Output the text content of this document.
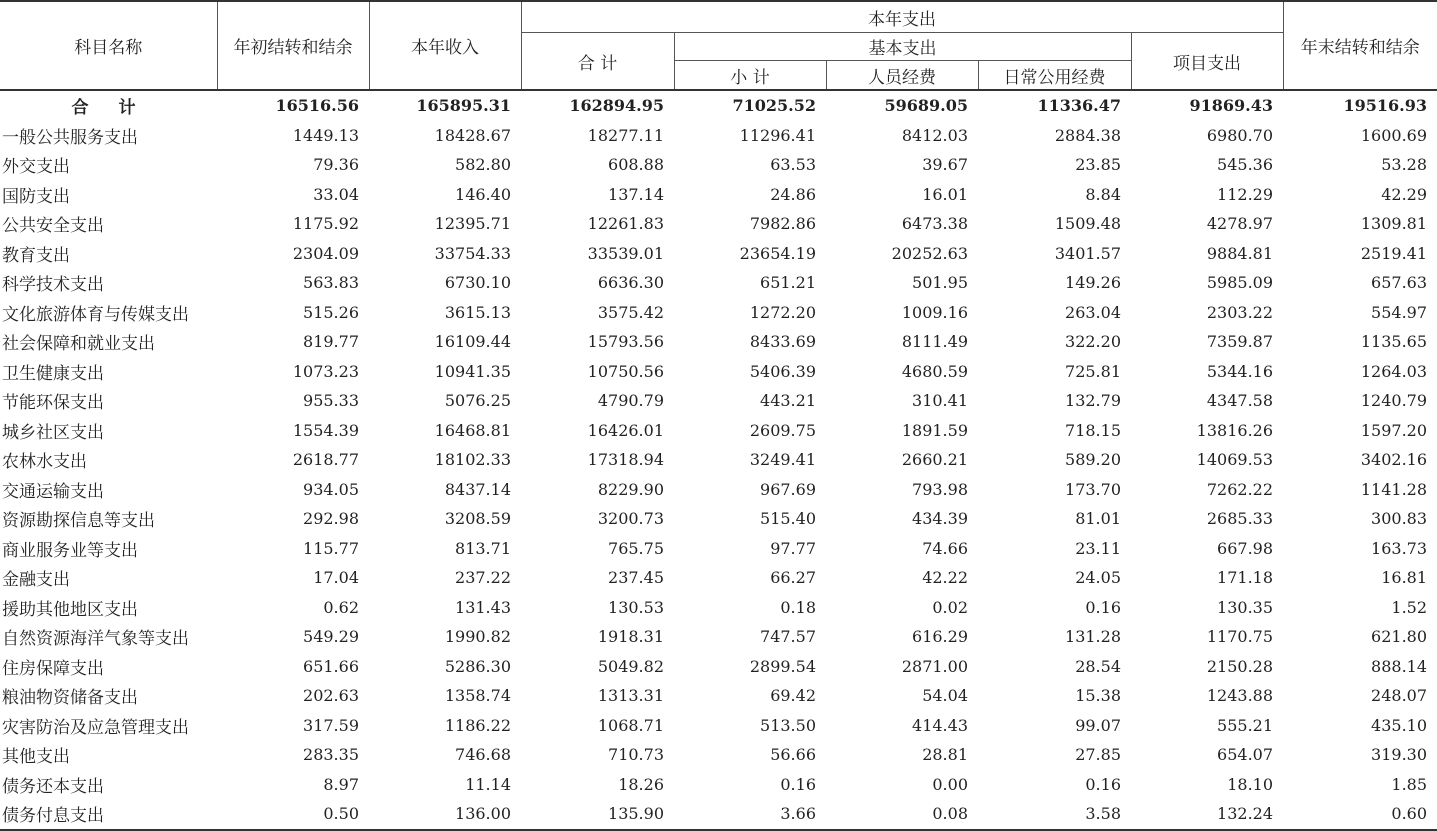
科目名称	年初结转和结余	本年收入	本年支出					年末结转和结余
			合 计	基本支出			项目支出	
				小 计	人员经费	日常公用经费		
合 计	16516.56	165895.31	162894.95	71025.52	59689.05	11336.47	91869.43	19516.93
一般公共服务支出	1449.13	18428.67	18277.11	11296.41	8412.03	2884.38	6980.70	1600.69
外交支出	79.36	582.80	608.88	63.53	39.67	23.85	545.36	53.28
国防支出	33.04	146.40	137.14	24.86	16.01	8.84	112.29	42.29
公共安全支出	1175.92	12395.71	12261.83	7982.86	6473.38	1509.48	4278.97	1309.81
教育支出	2304.09	33754.33	33539.01	23654.19	20252.63	3401.57	9884.81	2519.41
科学技术支出	563.83	6730.10	6636.30	651.21	501.95	149.26	5985.09	657.63
文化旅游体育与传媒支出	515.26	3615.13	3575.42	1272.20	1009.16	263.04	2303.22	554.97
社会保障和就业支出	819.77	16109.44	15793.56	8433.69	8111.49	322.20	7359.87	1135.65
卫生健康支出	1073.23	10941.35	10750.56	5406.39	4680.59	725.81	5344.16	1264.03
节能环保支出	955.33	5076.25	4790.79	443.21	310.41	132.79	4347.58	1240.79
城乡社区支出	1554.39	16468.81	16426.01	2609.75	1891.59	718.15	13816.26	1597.20
农林水支出	2618.77	18102.33	17318.94	3249.41	2660.21	589.20	14069.53	3402.16
交通运输支出	934.05	8437.14	8229.90	967.69	793.98	173.70	7262.22	1141.28
资源勘探信息等支出	292.98	3208.59	3200.73	515.40	434.39	81.01	2685.33	300.83
商业服务业等支出	115.77	813.71	765.75	97.77	74.66	23.11	667.98	163.73
金融支出	17.04	237.22	237.45	66.27	42.22	24.05	171.18	16.81
援助其他地区支出	0.62	131.43	130.53	0.18	0.02	0.16	130.35	1.52
自然资源海洋气象等支出	549.29	1990.82	1918.31	747.57	616.29	131.28	1170.75	621.80
住房保障支出	651.66	5286.30	5049.82	2899.54	2871.00	28.54	2150.28	888.14
粮油物资储备支出	202.63	1358.74	1313.31	69.42	54.04	15.38	1243.88	248.07
灾害防治及应急管理支出	317.59	1186.22	1068.71	513.50	414.43	99.07	555.21	435.10
其他支出	283.35	746.68	710.73	56.66	28.81	27.85	654.07	319.30
债务还本支出	8.97	11.14	18.26	0.16	0.00	0.16	18.10	1.85
债务付息支出	0.50	136.00	135.90	3.66	0.08	3.58	132.24	0.60
